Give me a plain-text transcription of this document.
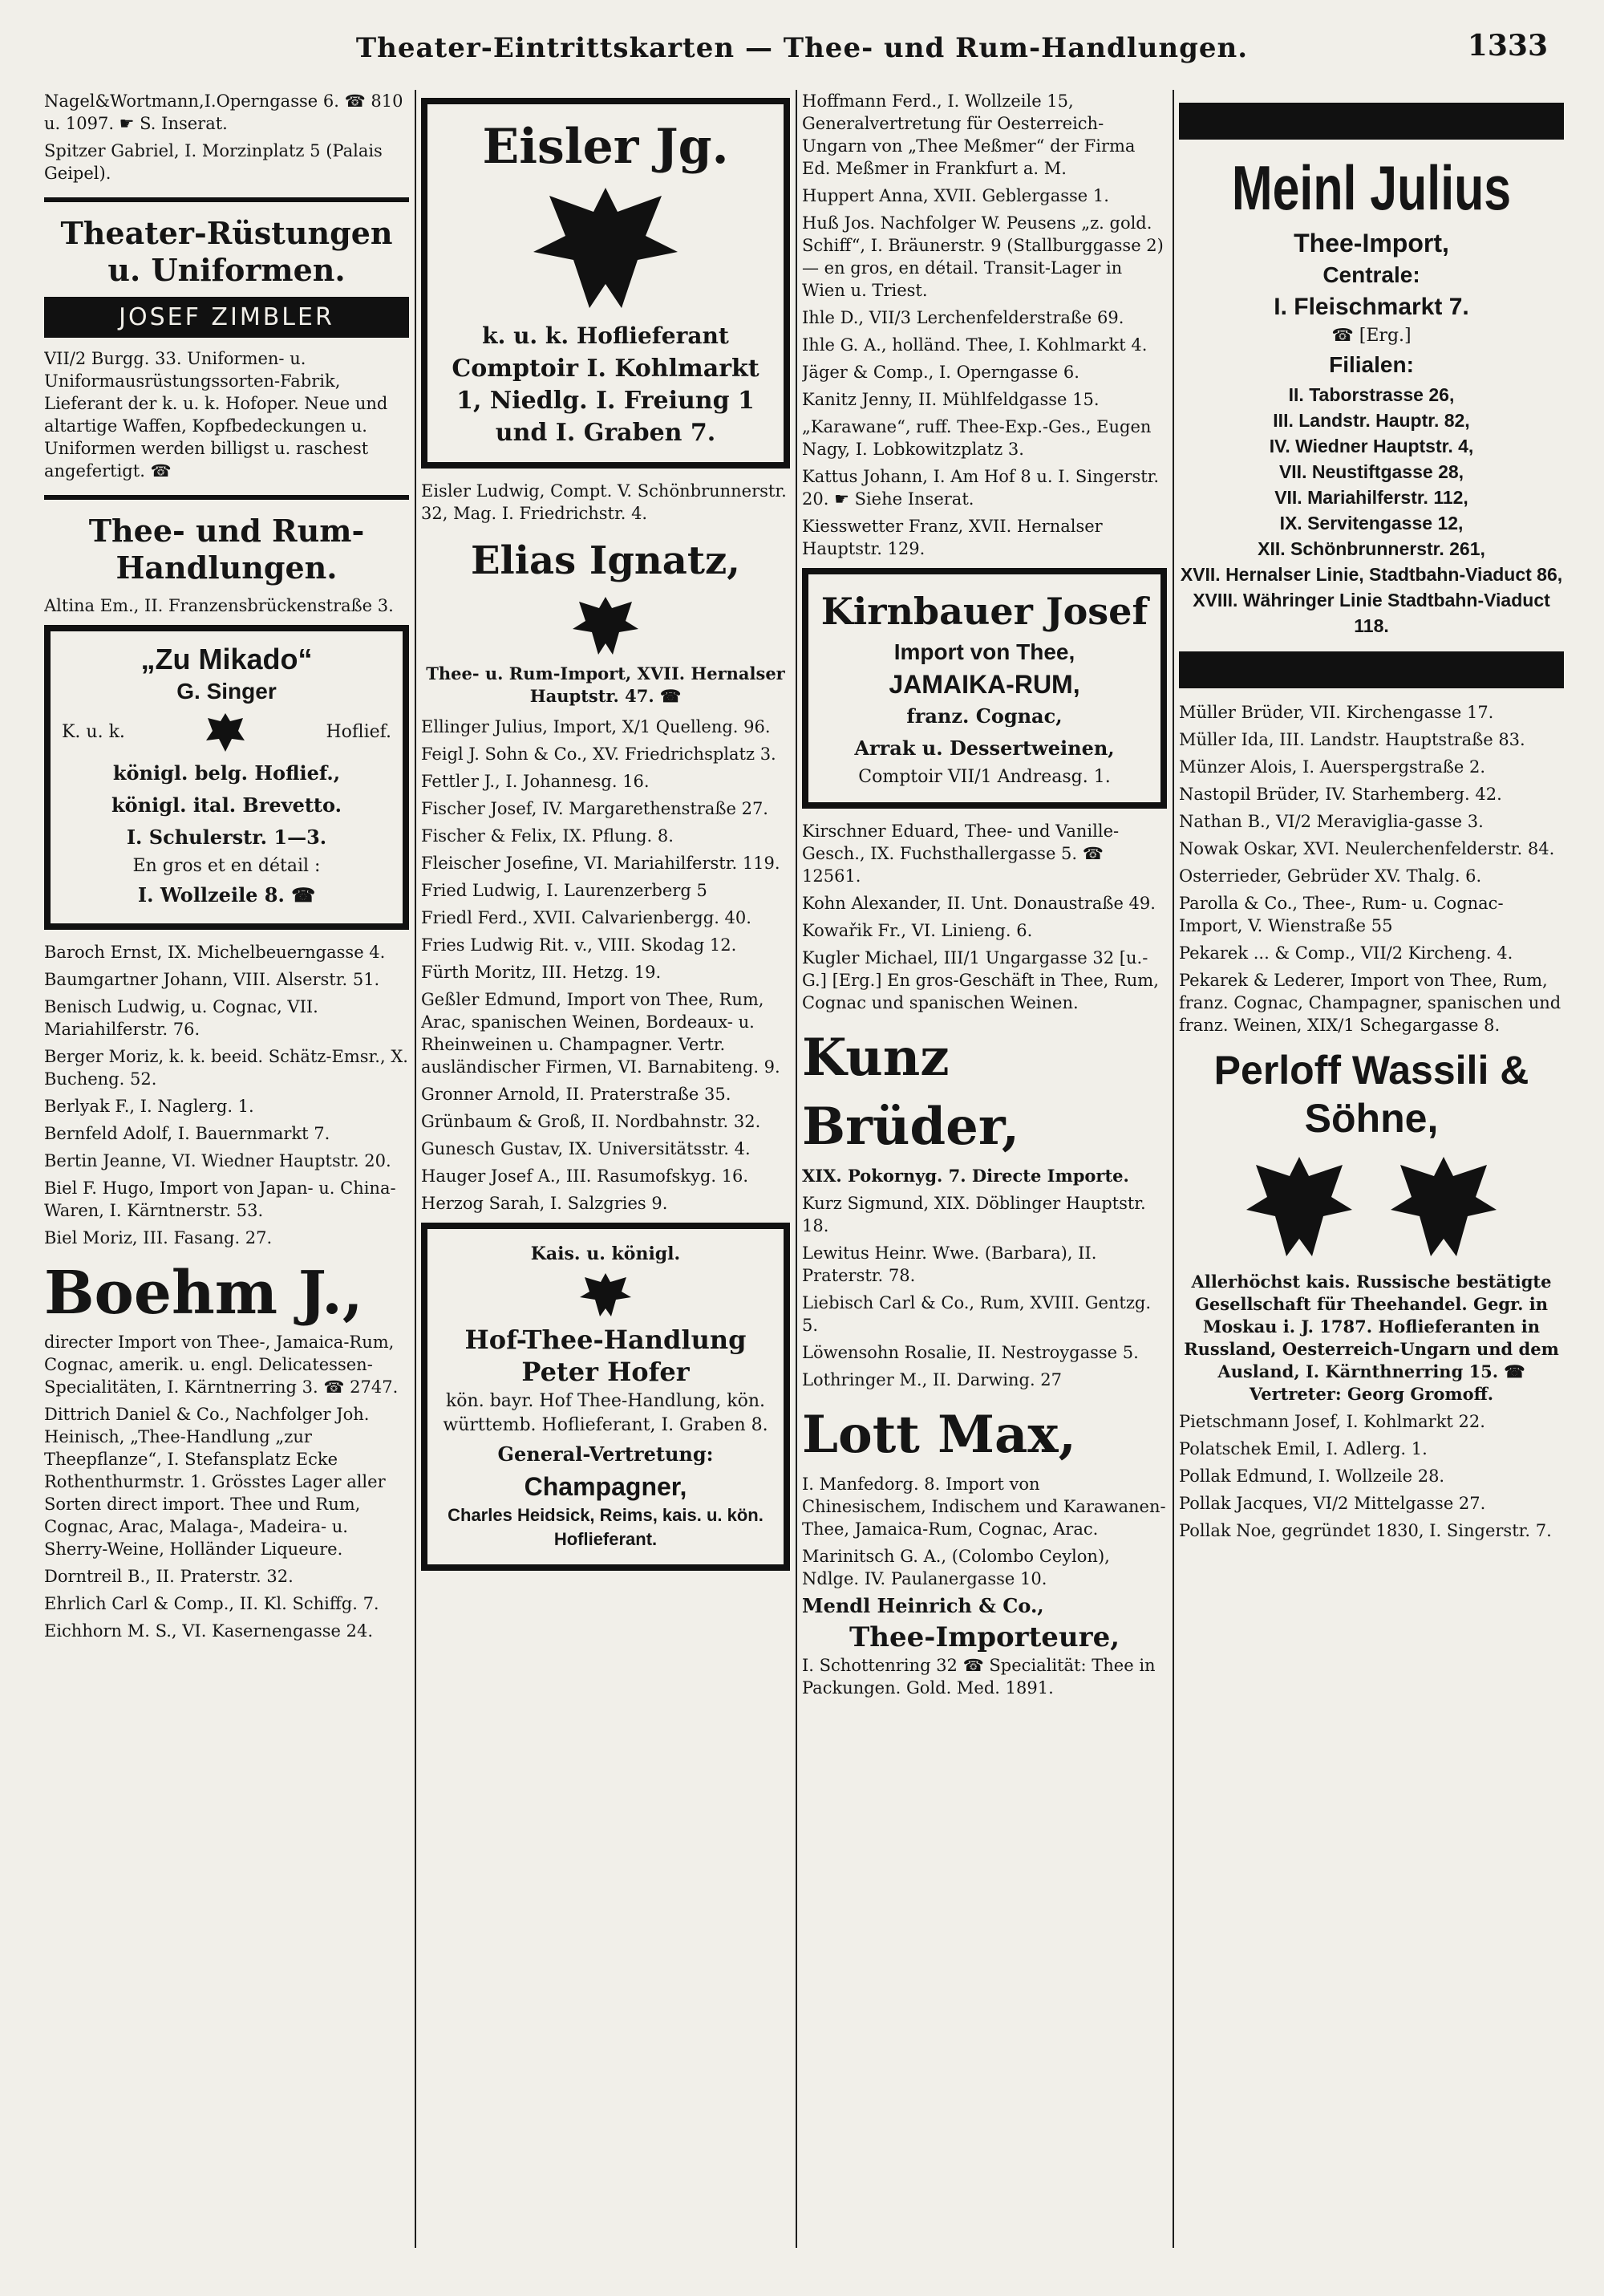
Theater-Eintrittskarten — Thee- und Rum-Handlungen.	1333

Nagel&Wortmann,I.Operngasse 6. ☎ 810 u. 1097. ☛ S. Inserat.

Spitzer Gabriel, I. Morzinplatz 5 (Palais Geipel).

Theater-Rüstungen u. Uniformen.
JOSEF ZIMBLER

VII/2 Burgg. 33. Uniformen- u. Uniformausrüstungssorten-Fabrik, Lieferant der k. u. k. Hofoper. Neue und altartige Waffen, Kopfbedeckungen u. Uniformen werden billigst u. raschest angefertigt. ☎

Thee- und Rum-Handlungen.

Altina Em., II. Franzensbrückenstraße 3.

„Zu Mikado“
G. Singer
K. u. k.	Hoflief.
königl. belg. Hoflief.,
königl. ital. Brevetto.
I. Schulerstr. 1—3.
En gros et en détail :
I. Wollzeile 8. ☎

Baroch Ernst, IX. Michelbeuerngasse 4.

Baumgartner Johann, VIII. Alserstr. 51.

Benisch Ludwig, u. Cognac, VII. Mariahilferstr. 76.

Berger Moriz, k. k. beeid. Schätz-Emsr., X. Bucheng. 52.

Berlyak F., I. Naglerg. 1.

Bernfeld Adolf, I. Bauernmarkt 7.

Bertin Jeanne, VI. Wiedner Hauptstr. 20.

Biel F. Hugo, Import von Japan- u. China-Waren, I. Kärntnerstr. 53.

Biel Moriz, III. Fasang. 27.

Boehm J.,

directer Import von Thee-, Jamaica-Rum, Cognac, amerik. u. engl. Delicatessen-Specialitäten, I. Kärntnerring 3. ☎ 2747.

Dittrich Daniel & Co., Nachfolger Joh. Heinisch, „Thee-Handlung „zur Theepflanze“, I. Stefansplatz Ecke Rothenthurmstr. 1. Grösstes Lager aller Sorten direct import. Thee und Rum, Cognac, Arac, Malaga-, Madeira- u. Sherry-Weine, Holländer Liqueure.

Dorntreil B., II. Praterstr. 32.

Ehrlich Carl & Comp., II. Kl. Schiffg. 7.

Eichhorn M. S., VI. Kasernengasse 24.

Eisler Jg.
k. u. k. Hoflieferant
Comptoir I. Kohlmarkt 1, Niedlg. I. Freiung 1 und I. Graben 7.

Eisler Ludwig, Compt. V. Schönbrunnerstr. 32, Mag. I. Friedrichstr. 4.

Elias Ignatz,
Thee- u. Rum-Import, XVII. Hernalser Hauptstr. 47. ☎

Ellinger Julius, Import, X/1 Quelleng. 96.

Feigl J. Sohn & Co., XV. Friedrichsplatz 3.

Fettler J., I. Johannesg. 16.

Fischer Josef, IV. Margarethenstraße 27.

Fischer & Felix, IX. Pflung. 8.

Fleischer Josefine, VI. Mariahilferstr. 119.

Fried Ludwig, I. Laurenzerberg 5

Friedl Ferd., XVII. Calvarienbergg. 40.

Fries Ludwig Rit. v., VIII. Skodag 12.

Fürth Moritz, III. Hetzg. 19.

Geßler Edmund, Import von Thee, Rum, Arac, spanischen Weinen, Bordeaux- u. Rheinweinen u. Champagner. Vertr. ausländischer Firmen, VI. Barnabiteng. 9.

Gronner Arnold, II. Praterstraße 35.

Grünbaum & Groß, II. Nordbahnstr. 32.

Gunesch Gustav, IX. Universitätsstr. 4.

Hauger Josef A., III. Rasumofskyg. 16.

Herzog Sarah, I. Salzgries 9.

Kais. u. königl.
Hof-Thee-Handlung Peter Hofer
kön. bayr. Hof Thee-Handlung, kön. württemb. Hoflieferant, I. Graben 8.
General-Vertretung:
Champagner,
Charles Heidsick, Reims, kais. u. kön. Hoflieferant.

Hoffmann Ferd., I. Wollzeile 15, Generalvertretung für Oesterreich-Ungarn von „Thee Meßmer“ der Firma Ed. Meßmer in Frankfurt a. M.

Huppert Anna, XVII. Geblergasse 1.

Huß Jos. Nachfolger W. Peusens „z. gold. Schiff“, I. Bräunerstr. 9 (Stallburggasse 2) — en gros, en détail. Transit-Lager in Wien u. Triest.

Ihle D., VII/3 Lerchenfelderstraße 69.

Ihle G. A., holländ. Thee, I. Kohlmarkt 4.

Jäger & Comp., I. Operngasse 6.

Kanitz Jenny, II. Mühlfeldgasse 15.

„Karawane“, ruff. Thee-Exp.-Ges., Eugen Nagy, I. Lobkowitzplatz 3.

Kattus Johann, I. Am Hof 8 u. I. Singerstr. 20. ☛ Siehe Inserat.

Kiesswetter Franz, XVII. Hernalser Hauptstr. 129.

Kirnbauer Josef
Import von Thee,
JAMAIKA-RUM,
franz. Cognac,
Arrak u. Dessertweinen,
Comptoir VII/1 Andreasg. 1.

Kirschner Eduard, Thee- und Vanille-Gesch., IX. Fuchsthallergasse 5. ☎ 12561.

Kohn Alexander, II. Unt. Donaustraße 49.

Kowařik Fr., VI. Linieng. 6.

Kugler Michael, III/1 Ungargasse 32 [u.-G.] [Erg.] En gros-Geschäft in Thee, Rum, Cognac und spanischen Weinen.

Kunz Brüder,

XIX. Pokornyg. 7. Directe Importe.

Kurz Sigmund, XIX. Döblinger Hauptstr. 18.

Lewitus Heinr. Wwe. (Barbara), II. Praterstr. 78.

Liebisch Carl & Co., Rum, XVIII. Gentzg. 5.

Löwensohn Rosalie, II. Nestroygasse 5.

Lothringer M., II. Darwing. 27

Lott Max,

I. Manfedorg. 8. Import von Chinesischem, Indischem und Karawanen-Thee, Jamaica-Rum, Cognac, Arac.

Marinitsch G. A., (Colombo Ceylon), Ndlge. IV. Paulanergasse 10.

Mendl Heinrich & Co.,

Thee-Importeure,

I. Schottenring 32 ☎ Specialität: Thee in Packungen. Gold. Med. 1891.

Meinl Julius
Thee-Import,
Centrale:
I. Fleischmarkt 7.
☎ [Erg.]
Filialen:
II. Taborstrasse 26,
III. Landstr. Hauptr. 82,
IV. Wiedner Hauptstr. 4,
VII. Neustiftgasse 28,
VII. Mariahilferstr. 112,
IX. Servitengasse 12,
XII. Schönbrunnerstr. 261,
XVII. Hernalser Linie, Stadtbahn-Viaduct 86,
XVIII. Währinger Linie Stadtbahn-Viaduct 118.

Müller Brüder, VII. Kirchengasse 17.

Müller Ida, III. Landstr. Hauptstraße 83.

Münzer Alois, I. Auerspergstraße 2.

Nastopil Brüder, IV. Starhemberg. 42.

Nathan B., VI/2 Meraviglia-gasse 3.

Nowak Oskar, XVI. Neulerchenfelderstr. 84.

Osterrieder, Gebrüder XV. Thalg. 6.

Parolla & Co., Thee-, Rum- u. Cognac-Import, V. Wienstraße 55

Pekarek ... & Comp., VII/2 Kircheng. 4.

Pekarek & Lederer, Import von Thee, Rum, franz. Cognac, Champagner, spanischen und franz. Weinen, XIX/1 Schegargasse 8.

Perloff Wassili & Söhne,

Allerhöchst kais. Russische bestätigte Gesellschaft für Theehandel. Gegr. in Moskau i. J. 1787. Hoflieferanten in Russland, Oesterreich-Ungarn und dem Ausland, I. Kärnthnerring 15. ☎ Vertreter: Georg Gromoff.

Pietschmann Josef, I. Kohlmarkt 22.

Polatschek Emil, I. Adlerg. 1.

Pollak Edmund, I. Wollzeile 28.

Pollak Jacques, VI/2 Mittelgasse 27.

Pollak Noe, gegründet 1830, I. Singerstr. 7.
